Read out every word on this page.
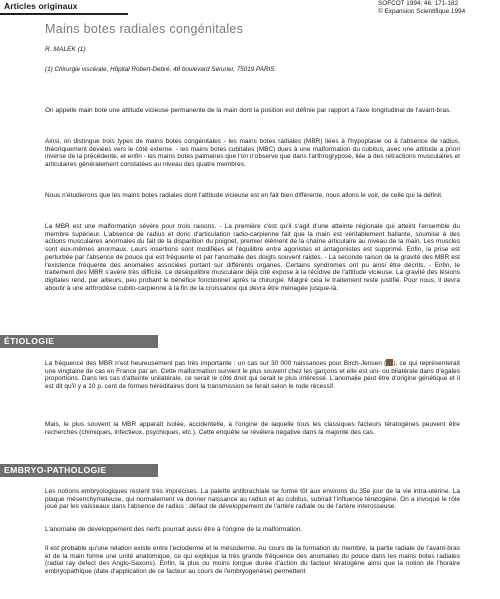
Articles originaux	SOFCOT 1994; 46: 171-182
© Expansion Scientifique 1994
Mains botes radiales congénitales
R. MALEK (1)
(1) Chirurgie viscérale, Hôpital Robert-Debré, 48 boulevard Sérurier, 75019 PARIS.

On appelle main bote une attitude vicieuse permanente de la main dont la position est définie par rapport à l'axe longitudinal de l'avant-bras.

Ainsi, on distingue trois types de mains botes congénitales - les mains botes radiales (MBR) liées à l'hypoplasie ou à l'absence de radius, théoriquement déviées vers le côté externe. - les mains botes cubitales (MBC) dues à une malformation du cubitus, avec une attitude a priori inverse de la précédente, et enfin - les mains botes palmaires que l'on n'observe que dans l'arthrogrypose, liée à des rétractions musculaires et articulaires généralement constatées au niveau des quatre membres.

Nous n'étudierons que les mains botes radiales dont l'attitude vicieuse est en fait bien différente, nous allons le voir, de celle qui la définit.

La MBR est une malformation sévère pour trois raisons. - La première c'est qu'il s'agit d'une atteinte régionale qui atteint l'ensemble du membre supérieur. L'absence de radius et donc d'articulation radio-carpienne fait que la main est véritablement ballante, soumise à des actions musculaires anormales du fait de la disparition du poignet, premier élément de la chaîne articulaire au niveau de la main. Les muscles sont eux-mêmes anormaux. Leurs insertions sont modifiées et l'équilibre entre agonistes et antagonistes est supprimé. Enfin, la prise est perturbée par l'absence de pouce qui est fréquente et par l'anomalie des doigts souvent raides. - La seconde raison de la gravité des MBR est l'existence fréquente des anomalies associées portant sur différents organes. Certains syndromes ont pu ainsi être décrits. - Enfin, le traitement des MBR s'avère très difficile. Le déséquilibre musculaire déjà cité expose à la récidive de l'attitude vicieuse. La gravité des lésions digitales rend, par ailleurs, peu probant le bénéfice fonctionnel après la chirurgie. Malgré cela le traitement reste justifié. Pour nous, il devra aboutir à une arthrodèse cubito-carpienne à la fin de la croissance qui devra être ménagée jusque-là.

ÉTIOLOGIE

La fréquence des MBR n'est heureusement pas très importante : un cas sur 30 000 naissances pour Birch-Jensen ( ), ce qui représenterait une vingtaine de cas en France par an. Cette malformation survient le plus souvent chez les garçons et elle est uni- ou bilatérale dans d'égales proportions. Dans les cas d'atteinte unilatérale, ce serait le côté droit qui serait le plus intéressé. L'anomalie peut être d'origine génétique et il est dit qu'il y a 10 p. cent de formes héréditaires dont la transmission se ferait selon le rode récessif.

Mais, le plus souvent la MBR apparaît isolée, accidentelle, à l'origine de laquelle tous les classiques facteurs tératogènes peuvent être recherchés (chimiques, infectieux, psychiques, etc.). Cette enquête se révélera négative dans la majorité des cas.

EMBRYO-PATHOLOGIE

Les notions embryologiques restent très imprécises. La palette antibrachiale se forme tôt aux environs du 35e jour de la vie intra-utérine. La plaque mésenchymateuse, qui normalement va donner naissance au radius et au cubitus, subirait l'influence tératogène. On a invoqué le rôle joué par les vaisseaux dans l'absence de radius : défaut de développement de l'artère radiale ou de l'artère interosseuse.

L'anomalie de développement des nerfs pourrait aussi être à l'origine de la malformation.

Il est probable qu'une relation existe entre l'ectoderme et le mésoderme. Au cours de la formation du membre, la partie radiale de l'avant-bras et de la main forme une unité anatomique, ce qui explique la très grande fréquence des anomalies du pouce dans les mains botes radiales (radial ray defect des Anglo-Saxons). Enfin, la plus ou moins longue durée d'action du facteur tératogène ainsi que la notion de l'horaire embryopathique (date d'application de ce facteur au cours de l'embryogenèse) permettent
